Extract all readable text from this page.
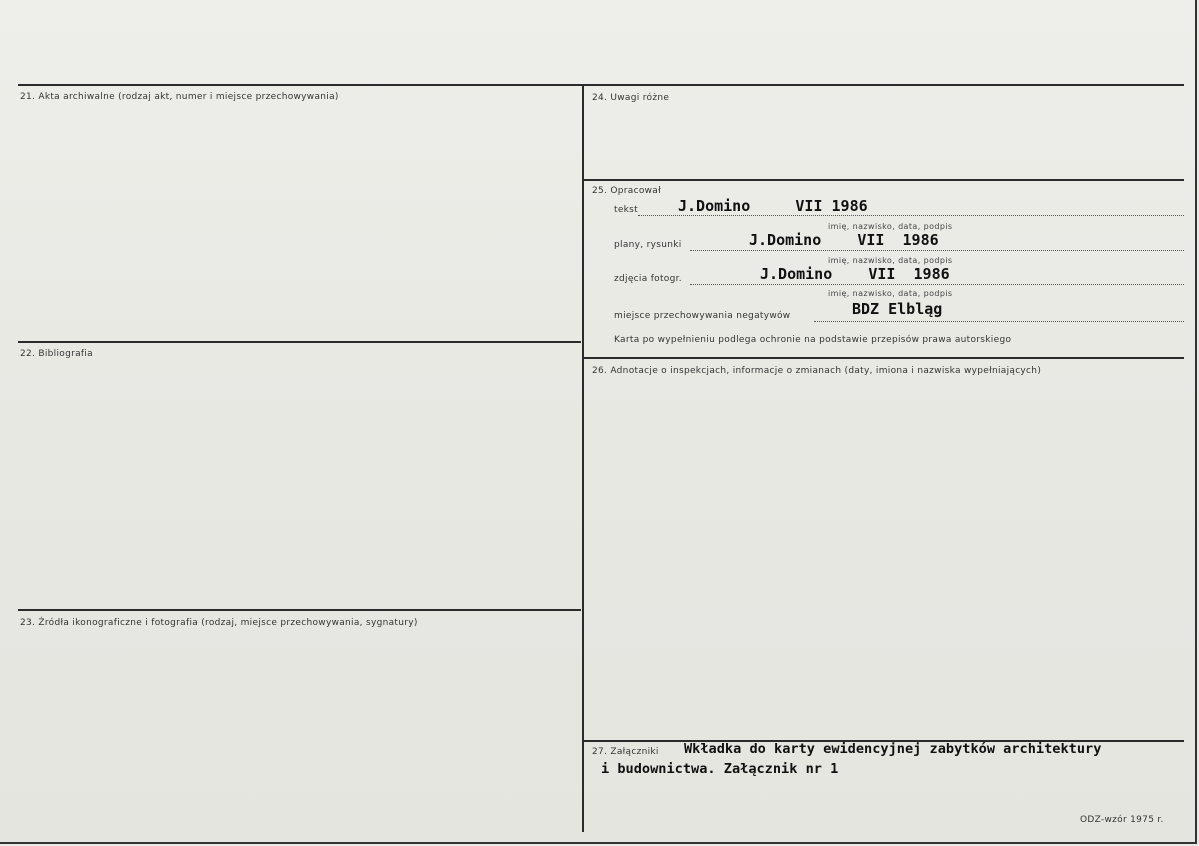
21. Akta archiwalne (rodzaj akt, numer i miejsce przechowywania)
22. Bibliografia
23. Źródła ikonograficzne i fotografia (rodzaj, miejsce przechowywania, sygnatury)
24. Uwagi różne
25. Opracował
tekst	J.Domino     VII 1986
imię, nazwisko, data, podpis
plany, rysunki	J.Domino    VII  1986
imię, nazwisko, data, podpis
zdjęcia fotogr.	J.Domino    VII  1986
imię, nazwisko, data, podpis
miejsce przechowywania negatywów	BDZ Elbląg
Karta po wypełnieniu podlega ochronie na podstawie przepisów prawa autorskiego
26. Adnotacje o inspekcjach, informacje o zmianach (daty, imiona i nazwiska wypełniających)
27. Załączniki Wkładka do karty ewidencyjnej zabytków architektury
i budownictwa. Załącznik nr 1
ODZ-wzór 1975 r.
